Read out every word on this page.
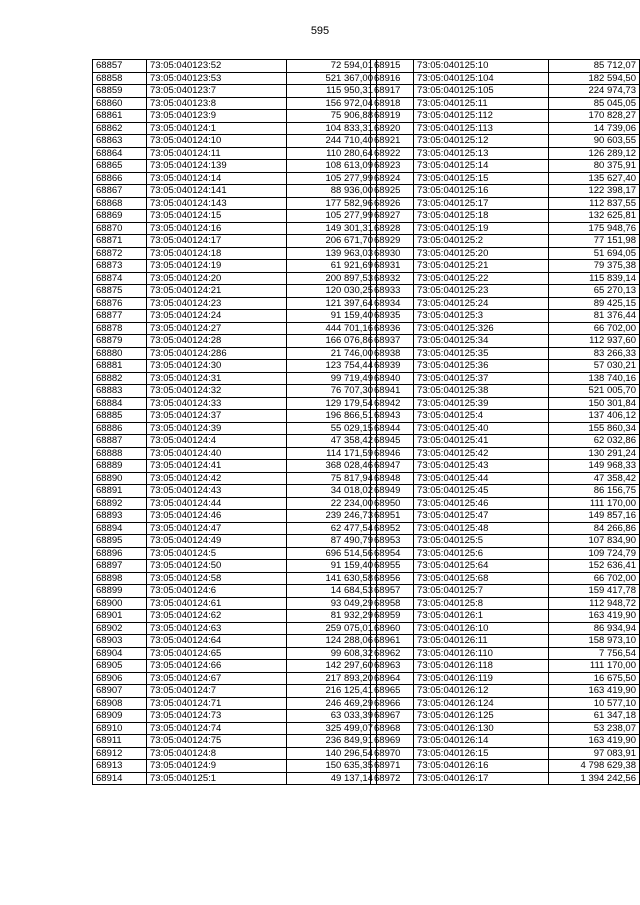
595
68857	73:05:040123:52	72 594,01
68858	73:05:040123:53	521 367,00
68859	73:05:040123:7	115 950,31
68860	73:05:040123:8	156 972,04
68861	73:05:040123:9	75 906,88
68862	73:05:040124:1	104 833,31
68863	73:05:040124:10	244 710,40
68864	73:05:040124:11	110 280,64
68865	73:05:040124:139	108 613,09
68866	73:05:040124:14	105 277,99
68867	73:05:040124:141	88 936,00
68868	73:05:040124:143	177 582,96
68869	73:05:040124:15	105 277,99
68870	73:05:040124:16	149 301,31
68871	73:05:040124:17	206 671,70
68872	73:05:040124:18	139 963,03
68873	73:05:040124:19	61 921,69
68874	73:05:040124:20	200 897,53
68875	73:05:040124:21	120 030,25
68876	73:05:040124:23	121 397,64
68877	73:05:040124:24	91 159,40
68878	73:05:040124:27	444 701,16
68879	73:05:040124:28	166 076,86
68880	73:05:040124:286	21 746,00
68881	73:05:040124:30	123 754,44
68882	73:05:040124:31	99 719,49
68883	73:05:040124:32	76 707,30
68884	73:05:040124:33	129 179,54
68885	73:05:040124:37	196 866,51
68886	73:05:040124:39	55 029,15
68887	73:05:040124:4	47 358,42
68888	73:05:040124:40	114 171,59
68889	73:05:040124:41	368 028,46
68890	73:05:040124:42	75 817,94
68891	73:05:040124:43	34 018,02
68892	73:05:040124:44	22 234,00
68893	73:05:040124:46	239 246,73
68894	73:05:040124:47	62 477,54
68895	73:05:040124:49	87 490,79
68896	73:05:040124:5	696 514,56
68897	73:05:040124:50	91 159,40
68898	73:05:040124:58	141 630,58
68899	73:05:040124:6	14 684,53
68900	73:05:040124:61	93 049,29
68901	73:05:040124:62	81 932,29
68902	73:05:040124:63	259 075,01
68903	73:05:040124:64	124 288,06
68904	73:05:040124:65	99 608,32
68905	73:05:040124:66	142 297,60
68906	73:05:040124:67	217 893,20
68907	73:05:040124:7	216 125,41
68908	73:05:040124:71	246 469,29
68909	73:05:040124:73	63 033,39
68910	73:05:040124:74	325 499,07
68911	73:05:040124:75	236 849,91
68912	73:05:040124:8	140 296,54
68913	73:05:040124:9	150 635,35
68914	73:05:040125:1	49 137,14
68915	73:05:040125:10	85 712,07
68916	73:05:040125:104	182 594,50
68917	73:05:040125:105	224 974,73
68918	73:05:040125:11	85 045,05
68919	73:05:040125:112	170 828,27
68920	73:05:040125:113	14 739,06
68921	73:05:040125:12	90 603,55
68922	73:05:040125:13	126 289,12
68923	73:05:040125:14	80 375,91
68924	73:05:040125:15	135 627,40
68925	73:05:040125:16	122 398,17
68926	73:05:040125:17	112 837,55
68927	73:05:040125:18	132 625,81
68928	73:05:040125:19	175 948,76
68929	73:05:040125:2	77 151,98
68930	73:05:040125:20	51 694,05
68931	73:05:040125:21	79 375,38
68932	73:05:040125:22	115 839,14
68933	73:05:040125:23	65 270,13
68934	73:05:040125:24	89 425,15
68935	73:05:040125:3	81 376,44
68936	73:05:040125:326	66 702,00
68937	73:05:040125:34	112 937,60
68938	73:05:040125:35	83 266,33
68939	73:05:040125:36	57 030,21
68940	73:05:040125:37	138 740,16
68941	73:05:040125:38	521 005,70
68942	73:05:040125:39	150 301,84
68943	73:05:040125:4	137 406,12
68944	73:05:040125:40	155 860,34
68945	73:05:040125:41	62 032,86
68946	73:05:040125:42	130 291,24
68947	73:05:040125:43	149 968,33
68948	73:05:040125:44	47 358,42
68949	73:05:040125:45	86 156,75
68950	73:05:040125:46	111 170,00
68951	73:05:040125:47	149 857,16
68952	73:05:040125:48	84 266,86
68953	73:05:040125:5	107 834,90
68954	73:05:040125:6	109 724,79
68955	73:05:040125:64	152 636,41
68956	73:05:040125:68	66 702,00
68957	73:05:040125:7	159 417,78
68958	73:05:040125:8	112 948,72
68959	73:05:040126:1	163 419,90
68960	73:05:040126:10	86 934,94
68961	73:05:040126:11	158 973,10
68962	73:05:040126:110	7 756,54
68963	73:05:040126:118	111 170,00
68964	73:05:040126:119	16 675,50
68965	73:05:040126:12	163 419,90
68966	73:05:040126:124	10 577,10
68967	73:05:040126:125	61 347,18
68968	73:05:040126:130	53 238,07
68969	73:05:040126:14	163 419,90
68970	73:05:040126:15	97 083,91
68971	73:05:040126:16	4 798 629,38
68972	73:05:040126:17	1 394 242,56
